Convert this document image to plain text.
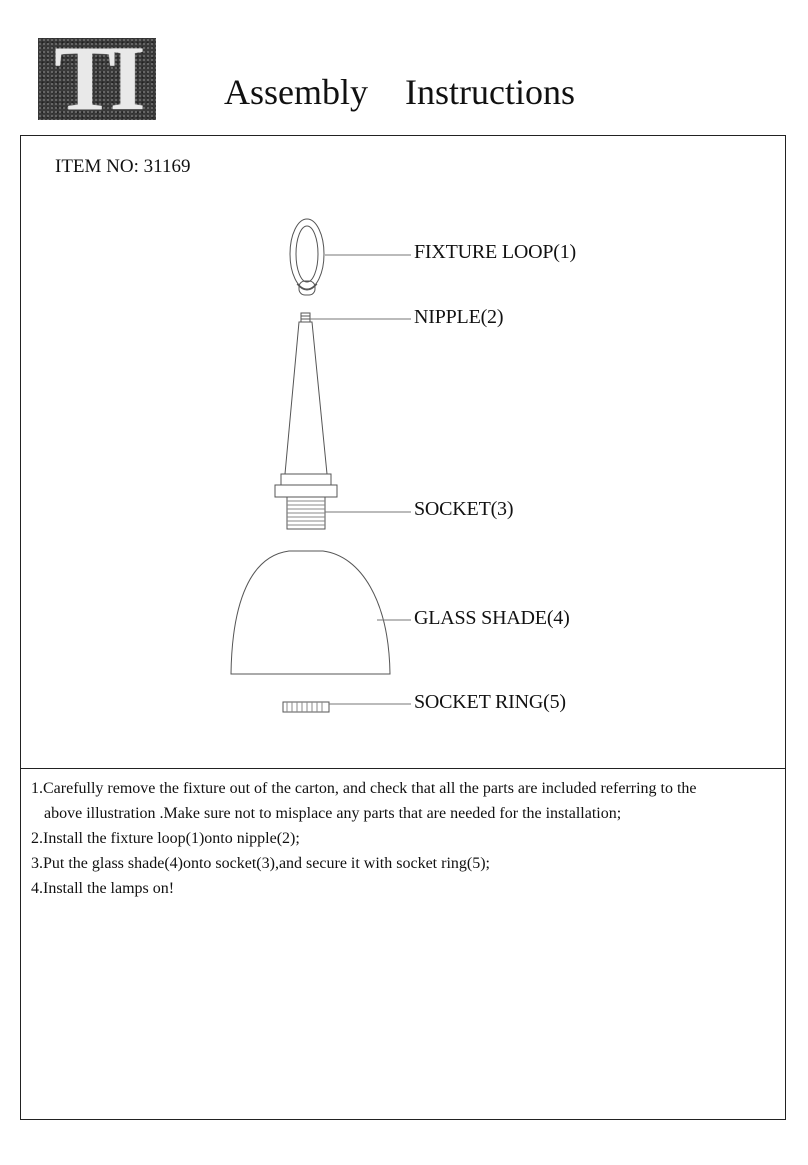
TI	Assembly Instructions
ITEM NO: 31169
FIXTURE LOOP(1)
NIPPLE(2)
SOCKET(3)
GLASS SHADE(4)
SOCKET RING(5)

1.Carefully remove the fixture out of the carton, and check that all the parts are included referring to the

above illustration .Make sure not to misplace any parts that are needed for the installation;

2.Install the fixture loop(1)onto nipple(2);

3.Put the glass shade(4)onto socket(3),and secure it with socket ring(5);

4.Install the lamps on!
